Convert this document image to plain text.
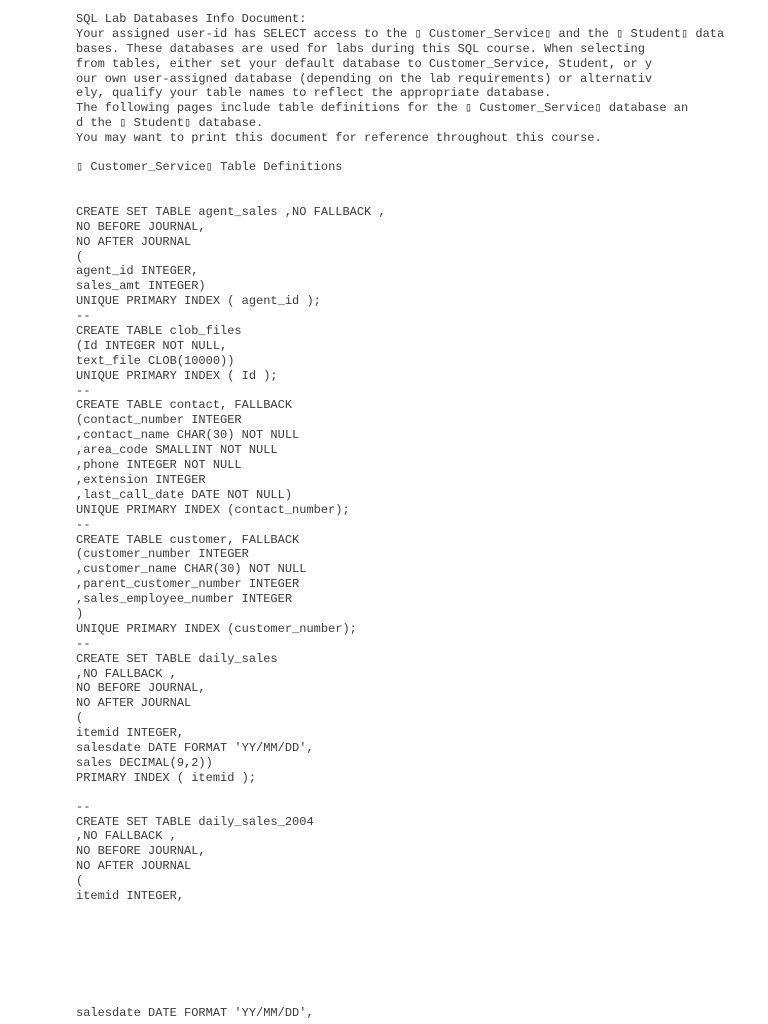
SQL Lab Databases Info Document:
Your assigned user-id has SELECT access to the ▯ Customer_Service▯ and the ▯ Student▯ data
bases. These databases are used for labs during this SQL course. When selecting
from tables, either set your default database to Customer_Service, Student, or y
our own user-assigned database (depending on the lab requirements) or alternativ
ely, qualify your table names to reflect the appropriate database.
The following pages include table definitions for the ▯ Customer_Service▯ database an
d the ▯ Student▯ database.
You may want to print this document for reference throughout this course.
▯ Customer_Service▯ Table Definitions
CREATE SET TABLE agent_sales ,NO FALLBACK ,
NO BEFORE JOURNAL,
NO AFTER JOURNAL
(
agent_id INTEGER,
sales_amt INTEGER)
UNIQUE PRIMARY INDEX ( agent_id );
--
CREATE TABLE clob_files
(Id INTEGER NOT NULL,
text_file CLOB(10000))
UNIQUE PRIMARY INDEX ( Id );
--
CREATE TABLE contact, FALLBACK
(contact_number INTEGER
,contact_name CHAR(30) NOT NULL
,area_code SMALLINT NOT NULL
,phone INTEGER NOT NULL
,extension INTEGER
,last_call_date DATE NOT NULL)
UNIQUE PRIMARY INDEX (contact_number);
--
CREATE TABLE customer, FALLBACK
(customer_number INTEGER
,customer_name CHAR(30) NOT NULL
,parent_customer_number INTEGER
,sales_employee_number INTEGER
)
UNIQUE PRIMARY INDEX (customer_number);
--
CREATE SET TABLE daily_sales
,NO FALLBACK ,
NO BEFORE JOURNAL,
NO AFTER JOURNAL
(
itemid INTEGER,
salesdate DATE FORMAT 'YY/MM/DD',
sales DECIMAL(9,2))
PRIMARY INDEX ( itemid );
--
CREATE SET TABLE daily_sales_2004
,NO FALLBACK ,
NO BEFORE JOURNAL,
NO AFTER JOURNAL
(
itemid INTEGER,
salesdate DATE FORMAT 'YY/MM/DD',
